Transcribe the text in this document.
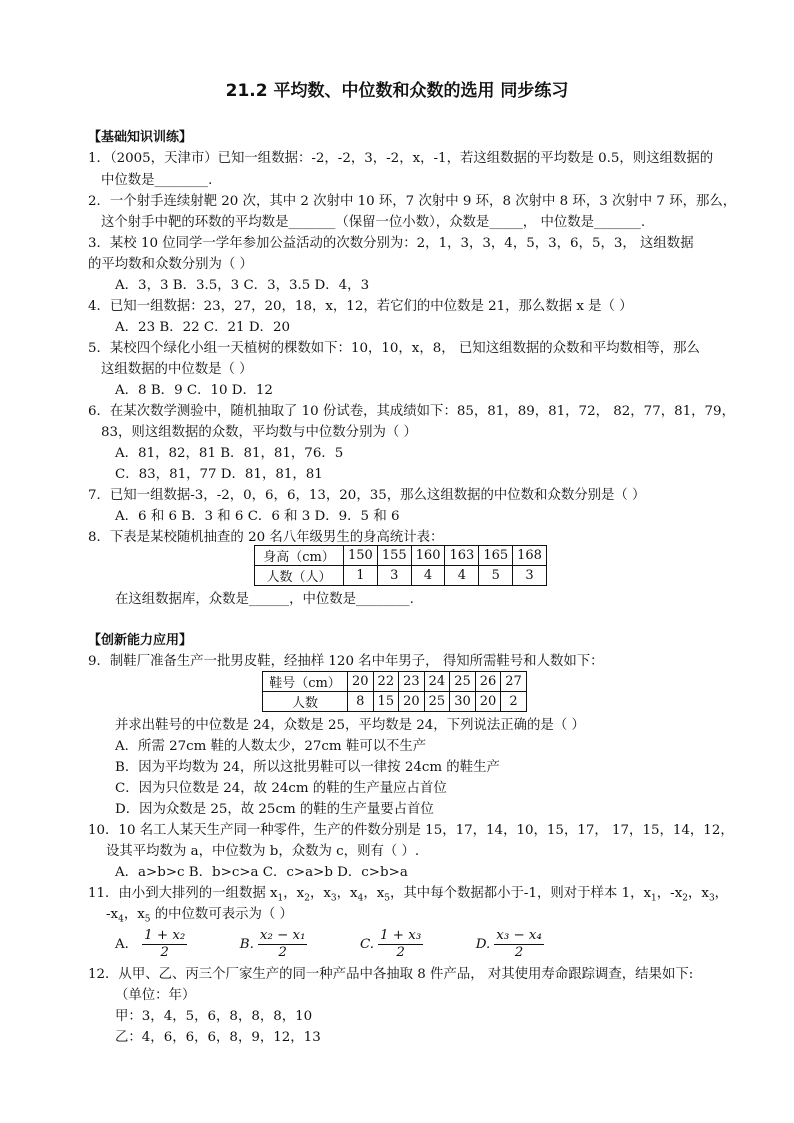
21.2 平均数、中位数和众数的选用 同步练习
【基础知识训练】
1．（2005，天津市）已知一组数据：-2，-2，3，-2，x，-1，若这组数据的平均数是 0.5，则这组数据的
中位数是________.
2．一个射手连续射靶 20 次，其中 2 次射中 10 环，7 次射中 9 环，8 次射中 8 环，3 次射中 7 环，那么，
这个射手中靶的环数的平均数是_______（保留一位小数），众数是_____， 中位数是_______.
3．某校 10 位同学一学年参加公益活动的次数分别为：2，1，3，3，4，5，3，6，5，3， 这组数据
的平均数和众数分别为（ ）
A．3，3 B．3.5，3 C．3，3.5 D．4，3
4．已知一组数据：23，27，20，18，x，12，若它们的中位数是 21，那么数据 x 是（ ）
A．23 B．22 C．21 D．20
5．某校四个绿化小组一天植树的棵数如下：10，10，x，8， 已知这组数据的众数和平均数相等，那么
这组数据的中位数是（ ）
A．8 B．9 C．10 D．12
6．在某次数学测验中，随机抽取了 10 份试卷，其成绩如下：85，81，89，81，72， 82，77，81，79，
83，则这组数据的众数，平均数与中位数分别为（ ）
A．81，82，81 B．81，81，76．5
C．83，81，77 D．81，81，81
7．已知一组数据-3，-2，0，6，6，13，20，35，那么这组数据的中位数和众数分别是（ ）
A．6 和 6 B．3 和 6 C．6 和 3 D．9．5 和 6
8．下表是某校随机抽查的 20 名八年级男生的身高统计表：
身高（cm）	150	155	160	163	165	168
人数（人）	1	3	4	4	5	3
在这组数据库，众数是______，中位数是________.
【创新能力应用】
9．制鞋厂准备生产一批男皮鞋，经抽样 120 名中年男子， 得知所需鞋号和人数如下：
鞋号（cm）	20	22	23	24	25	26	27
人数	8	15	20	25	30	20	2
并求出鞋号的中位数是 24，众数是 25，平均数是 24，下列说法正确的是（ ）
A．所需 27cm 鞋的人数太少，27cm 鞋可以不生产
B．因为平均数为 24，所以这批男鞋可以一律按 24cm 的鞋生产
C．因为只位数是 24，故 24cm 的鞋的生产量应占首位
D．因为众数是 25，故 25cm 的鞋的生产量要占首位
10．10 名工人某天生产同一种零件，生产的件数分别是 15，17，14，10，15，17， 17，15，14，12，
设其平均数为 a，中位数为 b，众数为 c，则有（ ）.
A．a>b>c B．b>c>a C．c>a>b D．c>b>a
11．由小到大排列的一组数据 $x_1$，$x_2$，$x_3$，$x_4$，$x_5$，其中每个数据都小于-1，则对于样本 1，$x_1$，$-x_2$，$x_3$，
$-x_4$，$x_5$ 的中位数可表示为（ ）
A． $\frac{\text{1 + x₂}}{2}$	B. $\frac{\text{x₂ − x₁}}{2}$	C. $\frac{\text{1 + x₃}}{2}$	D. $\frac{\text{x₃ − x₄}}{2}$
12．从甲、乙、丙三个厂家生产的同一种产品中各抽取 8 件产品， 对其使用寿命跟踪调查，结果如下:
（单位：年）
甲：3，4，5，6，8，8，8，10
乙：4，6，6，6，8，9，12，13
